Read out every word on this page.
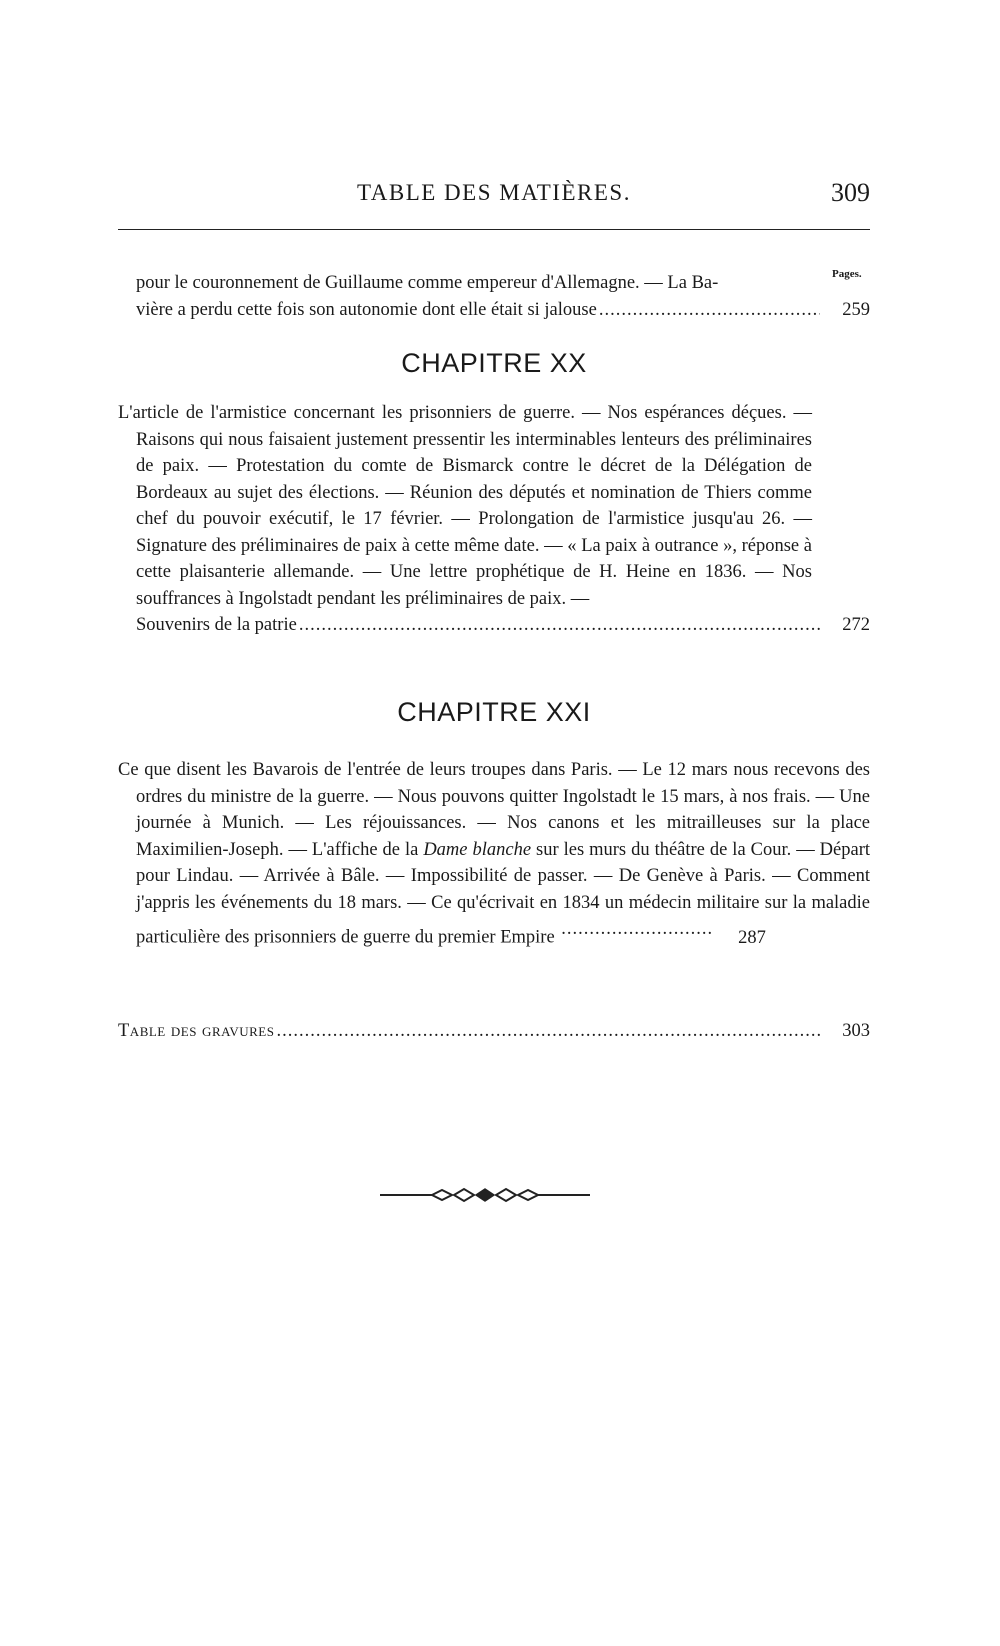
TABLE DES MATIÈRES.	309
Pages.
pour le couronnement de Guillaume comme empereur d'Allemagne. — La Ba-
vière a perdu cette fois son autonomie dont elle était si jalouse .....	259
CHAPITRE XX
L'article de l'armistice concernant les prisonniers de guerre. — Nos espérances déçues. — Raisons qui nous faisaient justement pressentir les interminables lenteurs des préliminaires de paix. — Protestation du comte de Bismarck contre le décret de la Délégation de Bordeaux au sujet des élections. — Réunion des députés et nomination de Thiers comme chef du pouvoir exécutif, le 17 février. — Prolongation de l'armistice jusqu'au 26. — Signature des préliminaires de paix à cette même date. — « La paix à outrance », réponse à cette plaisanterie allemande. — Une lettre prophétique de H. Heine en 1836. — Nos souffrances à Ingolstadt pendant les préliminaires de paix. —
Souvenirs de la patrie .....	272
CHAPITRE XXI
Ce que disent les Bavarois de l'entrée de leurs troupes dans Paris. — Le 12 mars nous recevons des ordres du ministre de la guerre. — Nous pouvons quitter Ingolstadt le 15 mars, à nos frais. — Une journée à Munich. — Les réjouissances. — Nos canons et les mitrailleuses sur la place Maximilien-Joseph. — L'affiche de la Dame blanche sur les murs du théâtre de la Cour. — Départ pour Lindau. — Arrivée à Bâle. — Impossibilité de passer. — De Genève à Paris. — Comment j'appris les événements du 18 mars. — Ce qu'écrivait en 1834 un médecin militaire sur la maladie particulière des prisonniers de guerre du premier Empire .....	287
Table des gravures .....	303
